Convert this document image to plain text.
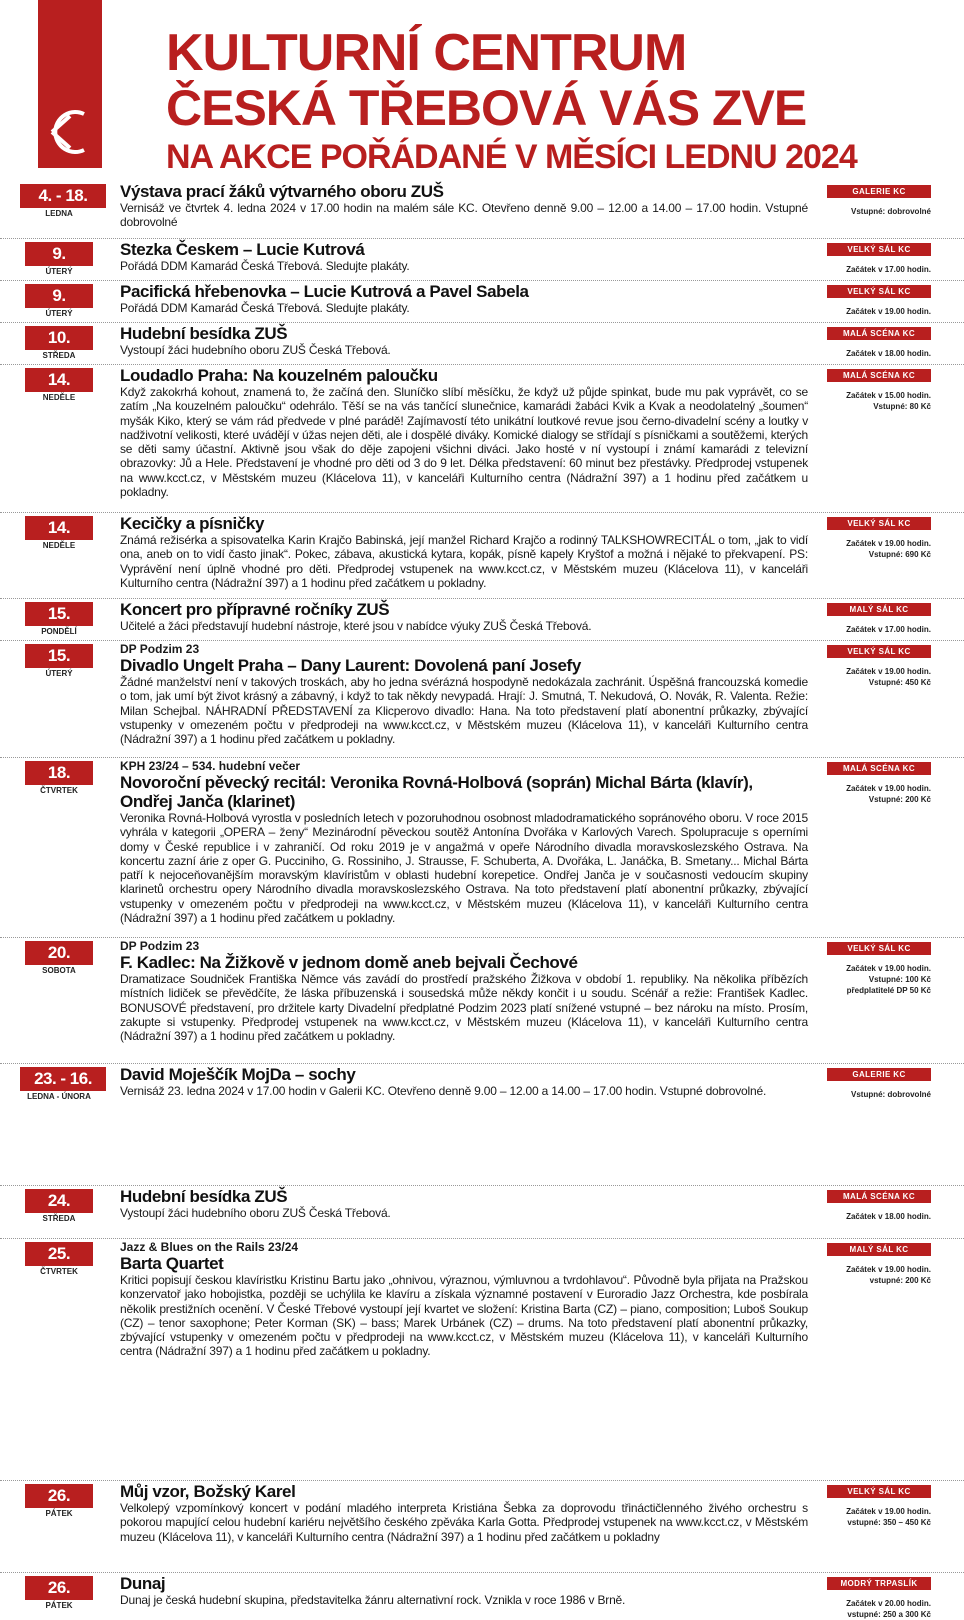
KULTURNÍ CENTRUM
ČESKÁ TŘEBOVÁ VÁS ZVE
NA AKCE POŘÁDANÉ V MĚSÍCI LEDNU 2024
4. - 18.
LEDNA
Výstava prací žáků výtvarného oboru ZUŠ
Vernisáž ve čtvrtek 4. ledna 2024 v 17.00 hodin na malém sále KC. Otevřeno denně 9.00 – 12.00 a 14.00 – 17.00 hodin. Vstupné dobrovolné
GALERIE KC
Vstupné: dobrovolné
9.
ÚTERÝ
Stezka Českem – Lucie Kutrová
Pořádá DDM Kamarád Česká Třebová. Sledujte plakáty.
VELKÝ SÁL KC
Začátek v 17.00 hodin.
9.
ÚTERÝ
Pacifická hřebenovka – Lucie Kutrová a Pavel Sabela
Pořádá DDM Kamarád Česká Třebová. Sledujte plakáty.
VELKÝ SÁL KC
Začátek v 19.00 hodin.
10.
STŘEDA
Hudební besídka ZUŠ
Vystoupí žáci hudebního oboru ZUŠ Česká Třebová.
MALÁ SCÉNA KC
Začátek v 18.00 hodin.
14.
NEDĚLE
Loudadlo Praha: Na kouzelném paloučku
Když zakokrhá kohout, znamená to, že začíná den. Sluníčko slíbí měsíčku, že když už půjde spinkat, bude mu pak vyprávět, co se zatím „Na kouzelném paloučku“ odehrálo. Těší se na vás tančící slunečnice, kamarádi žabáci Kvik a Kvak a neodolatelný „šoumen“ myšák Kiko, který se vám rád předvede v plné parádě! Zajímavostí této unikátní loutkové revue jsou černo-divadelní scény a loutky v nadživotní velikosti, které uvádějí v úžas nejen děti, ale i dospělé diváky. Komické dialogy se střídají s písničkami a soutěžemi, kterých se děti samy účastní. Aktivně jsou však do děje zapojeni všichni diváci. Jako hosté v ní vystoupí i známí kamarádi z televizní obrazovky: Jů a Hele. Představení je vhodné pro děti od 3 do 9 let. Délka představení: 60 minut bez přestávky. Předprodej vstupenek na www.kcct.cz, v Městském muzeu (Klácelova 11), v kanceláři Kulturního centra (Nádražní 397) a 1 hodinu před začátkem u pokladny.
MALÁ SCÉNA KC
Začátek v 15.00 hodin.
Vstupné: 80 Kč
14.
NEDĚLE
Kecičky a písničky
Známá režisérka a spisovatelka Karin Krajčo Babinská, její manžel Richard Krajčo a rodinný TALKSHOWRECITÁL o tom, „jak to vidí ona, aneb on to vidí často jinak“. Pokec, zábava, akustická kytara, kopák, písně kapely Kryštof a možná i nějaké to překvapení. PS: Vyprávění není úplně vhodné pro děti. Předprodej vstupenek na www.kcct.cz, v Městském muzeu (Klácelova 11), v kanceláři Kulturního centra (Nádražní 397) a 1 hodinu před začátkem u pokladny.
VELKÝ SÁL KC
Začátek v 19.00 hodin.
Vstupné: 690 Kč
15.
PONDĚLÍ
Koncert pro přípravné ročníky ZUŠ
Učitelé a žáci představují hudební nástroje, které jsou v nabídce výuky ZUŠ Česká Třebová.
MALÝ SÁL KC
Začátek v 17.00 hodin.
15.
ÚTERÝ
DP Podzim 23
Divadlo Ungelt Praha – Dany Laurent: Dovolená paní Josefy
Žádné manželství není v takových troskách, aby ho jedna svérázná hospodyně nedokázala zachránit. Úspěšná francouzská komedie o tom, jak umí být život krásný a zábavný, i když to tak někdy nevypadá. Hrají: J. Smutná, T. Nekudová, O. Novák, R. Valenta. Režie: Milan Schejbal. NÁHRADNÍ PŘEDSTAVENÍ za Klicperovo divadlo: Hana. Na toto představení platí abonentní průkazky, zbývající vstupenky v omezeném počtu v předprodeji na www.kcct.cz, v Městském muzeu (Klácelova 11), v kanceláři Kulturního centra (Nádražní 397) a 1 hodinu před začátkem u pokladny.
VELKÝ SÁL KC
Začátek v 19.00 hodin.
Vstupné: 450 Kč
18.
ČTVRTEK
KPH 23/24 – 534. hudební večer
Novoroční pěvecký recitál: Veronika Rovná-Holbová (soprán) Michal Bárta (klavír), Ondřej Janča (klarinet)
Veronika Rovná-Holbová vyrostla v posledních letech v pozoruhodnou osobnost mladodramatického sopránového oboru. V roce 2015 vyhrála v kategorii „OPERA – ženy“ Mezinárodní pěveckou soutěž Antonína Dvořáka v Karlových Varech. Spolupracuje s operními domy v České republice i v zahraničí. Od roku 2019 je v angažmá v opeře Národního divadla moravskoslezského Ostrava. Na koncertu zazní árie z oper G. Pucciniho, G. Rossiniho, J. Strausse, F. Schuberta, A. Dvořáka, L. Janáčka, B. Smetany... Michal Bárta patří k nejoceňovanějším moravským klavíristům v oblasti hudební korepetice. Ondřej Janča je v současnosti vedoucím skupiny klarinetů orchestru opery Národního divadla moravskoslezského Ostrava. Na toto představení platí abonentní průkazky, zbývající vstupenky v omezeném počtu v předprodeji na www.kcct.cz, v Městském muzeu (Klácelova 11), v kanceláři Kulturního centra (Nádražní 397) a 1 hodinu před začátkem u pokladny.
MALÁ SCÉNA KC
Začátek v 19.00 hodin.
Vstupné: 200 Kč
20.
SOBOTA
DP Podzim 23
F. Kadlec: Na Žižkově v jednom domě aneb bejvali Čechové
Dramatizace Soudniček Františka Němce vás zavádí do prostředí pražského Žižkova v období 1. republiky. Na několika příbězích místních lidiček se převědčíte, že láska příbuzenská i sousedská může někdy končit i u soudu. Scénář a režie: František Kadlec. BONUSOVÉ představení, pro držitele karty Divadelní předplatné Podzim 2023 platí snížené vstupné – bez nároku na místo. Prosím, zakupte si vstupenky. Předprodej vstupenek na www.kcct.cz, v Městském muzeu (Klácelova 11), v kanceláři Kulturního centra (Nádražní 397) a 1 hodinu před začátkem u pokladny.
VELKÝ SÁL KC
Začátek v 19.00 hodin.
Vstupné: 100 Kč
předplatitelé DP 50 Kč
23. - 16.
LEDNA - ÚNORA
David Moješčík MojDa – sochy
Vernisáž 23. ledna 2024 v 17.00 hodin v Galerii KC. Otevřeno denně 9.00 – 12.00 a 14.00 – 17.00 hodin. Vstupné dobrovolné.
GALERIE KC
Vstupné: dobrovolné
24.
STŘEDA
Hudební besídka ZUŠ
Vystoupí žáci hudebního oboru ZUŠ Česká Třebová.
MALÁ SCÉNA KC
Začátek v 18.00 hodin.
25.
ČTVRTEK
Jazz & Blues on the Rails 23/24
Barta Quartet
Kritici popisují českou klavíristku Kristinu Bartu jako „ohnivou, výraznou, výmluvnou a tvrdohlavou“. Původně byla přijata na Pražskou konzervatoř jako hobojistka, později se uchýlila ke klavíru a získala významné postavení v Euroradio Jazz Orchestra, kde posbírala několik prestižních ocenění. V České Třebové vystoupí její kvartet ve složení: Kristina Barta (CZ) – piano, composition; Luboš Soukup (CZ) – tenor saxophone; Peter Korman (SK) – bass; Marek Urbánek (CZ) – drums. Na toto představení platí abonentní průkazky, zbývající vstupenky v omezeném počtu v předprodeji na www.kcct.cz, v Městském muzeu (Klácelova 11), v kanceláři Kulturního centra (Nádražní 397) a 1 hodinu před začátkem u pokladny.
MALÝ SÁL KC
Začátek v 19.00 hodin.
vstupné: 200 Kč
26.
PÁTEK
Můj vzor, Božský Karel
Velkolepý vzpomínkový koncert v podání mladého interpreta Kristiána Šebka za doprovodu třináctičlenného živého orchestru s pokorou mapující celou hudební kariéru největšího českého zpěváka Karla Gotta. Předprodej vstupenek na www.kcct.cz, v Městském muzeu (Klácelova 11), v kanceláři Kulturního centra (Nádražní 397) a 1 hodinu před začátkem u pokladny
VELKÝ SÁL KC
Začátek v 19.00 hodin.
vstupné: 350 – 450 Kč
26.
PÁTEK
Dunaj
Dunaj je česká hudební skupina, představitelka žánru alternativní rock. Vznikla v roce 1986 v Brně.
MODRÝ TRPASLÍK
Začátek v 20.00 hodin.
vstupné: 250 a 300 Kč
